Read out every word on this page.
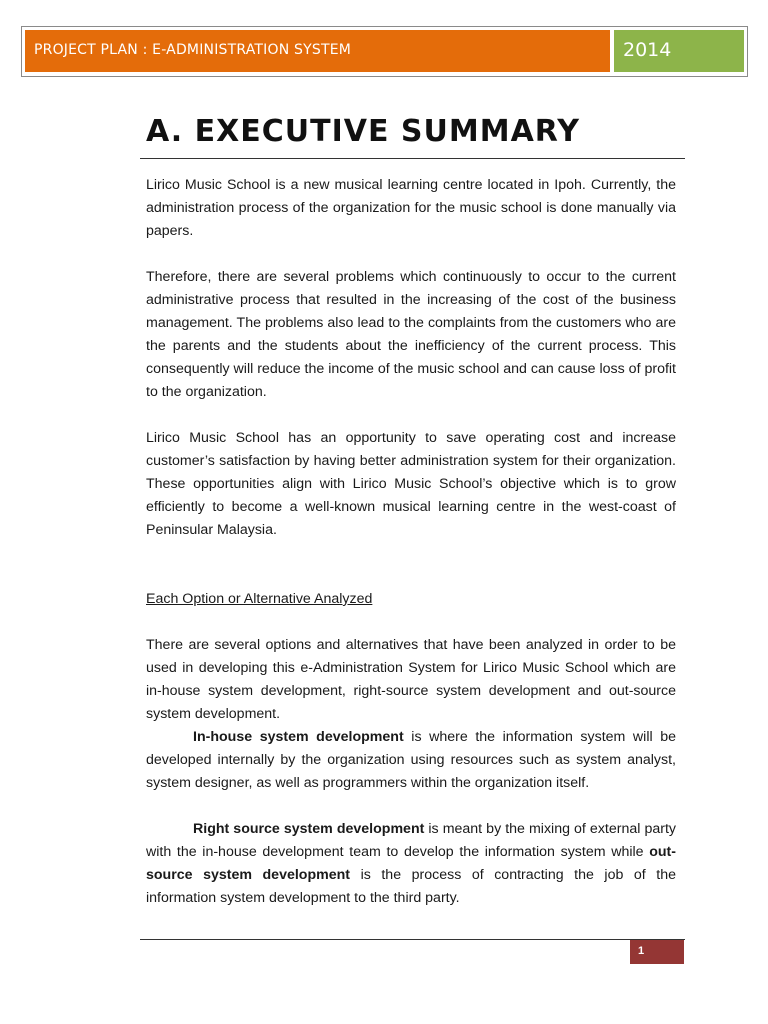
PROJECT PLAN : E-ADMINISTRATION SYSTEM	2014
A. EXECUTIVE SUMMARY

Lirico Music School is a new musical learning centre located in Ipoh. Currently, the administration process of the organization for the music school is done manually via papers.

Therefore, there are several problems which continuously to occur to the current administrative process that resulted in the increasing of the cost of the business management. The problems also lead to the complaints from the customers who are the parents and the students about the inefficiency of the current process. This consequently will reduce the income of the music school and can cause loss of profit to the organization.

Lirico Music School has an opportunity to save operating cost and increase customer’s satisfaction by having better administration system for their organization. These opportunities align with Lirico Music School’s objective which is to grow efficiently to become a well-known musical learning centre in the west-coast of Peninsular Malaysia.

Each Option or Alternative Analyzed

There are several options and alternatives that have been analyzed in order to be used in developing this e-Administration System for Lirico Music School which are in-house system development, right-source system development and out-source system development.

In-house system development is where the information system will be developed internally by the organization using resources such as system analyst, system designer, as well as programmers within the organization itself.

Right source system development is meant by the mixing of external party with the in-house development team to develop the information system while out-source system development is the process of contracting the job of the information system development to the third party.

1
